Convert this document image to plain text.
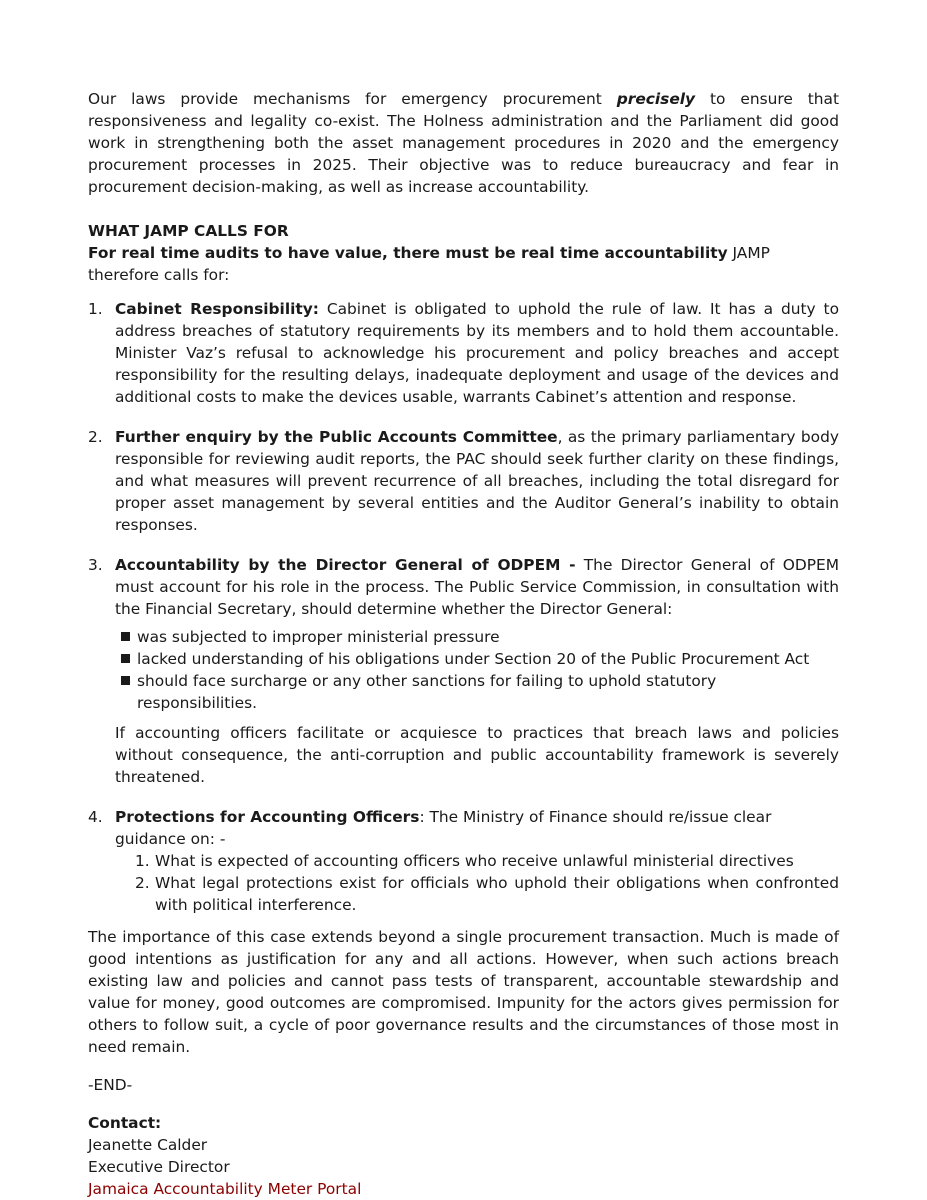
Our laws provide mechanisms for emergency procurement precisely to ensure that responsiveness and legality co-exist. The Holness administration and the Parliament did good work in strengthening both the asset management procedures in 2020 and the emergency procurement processes in 2025. Their objective was to reduce bureaucracy and fear in procurement decision-making, as well as increase accountability.

WHAT JAMP CALLS FOR

For real time audits to have value, there must be real time accountability JAMP therefore calls for:

1. Cabinet Responsibility: Cabinet is obligated to uphold the rule of law. It has a duty to address breaches of statutory requirements by its members and to hold them accountable. Minister Vaz’s refusal to acknowledge his procurement and policy breaches and accept responsibility for the resulting delays, inadequate deployment and usage of the devices and additional costs to make the devices usable, warrants Cabinet’s attention and response.
2. Further enquiry by the Public Accounts Committee, as the primary parliamentary body responsible for reviewing audit reports, the PAC should seek further clarity on these findings, and what measures will prevent recurrence of all breaches, including the total disregard for proper asset management by several entities and the Auditor General’s inability to obtain responses.
3. Accountability by the Director General of ODPEM - The Director General of ODPEM must account for his role in the process. The Public Service Commission, in consultation with the Financial Secretary, should determine whether the Director General:

was subjected to improper ministerial pressure
lacked understanding of his obligations under Section 20 of the Public Procurement Act
should face surcharge or any other sanctions for failing to uphold statutory responsibilities.

If accounting officers facilitate or acquiesce to practices that breach laws and policies without consequence, the anti-corruption and public accountability framework is severely threatened.

4. Protections for Accounting Officers: The Ministry of Finance should re/issue clear guidance on: -

1. What is expected of accounting officers who receive unlawful ministerial directives
2. What legal protections exist for officials who uphold their obligations when confronted with political interference.

The importance of this case extends beyond a single procurement transaction. Much is made of good intentions as justification for any and all actions. However, when such actions breach existing law and policies and cannot pass tests of transparent, accountable stewardship and value for money, good outcomes are compromised. Impunity for the actors gives permission for others to follow suit, a cycle of poor governance results and the circumstances of those most in need remain.

-END-

Contact:

Jeanette Calder

Executive Director

Jamaica Accountability Meter Portal
